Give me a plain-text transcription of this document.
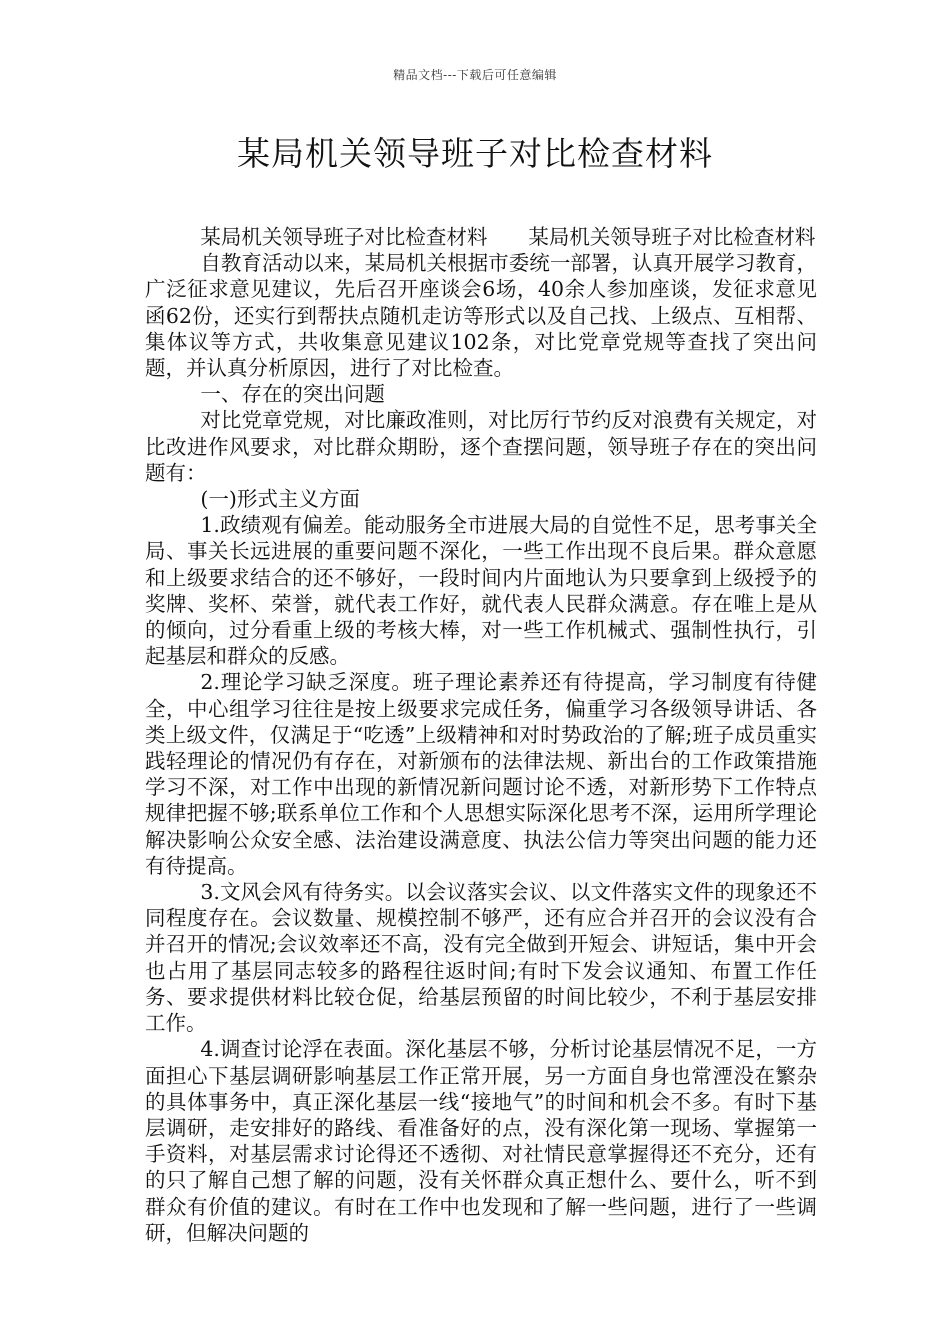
精品文档---下载后可任意编辑
某局机关领导班子对比检查材料

某局机关领导班子对比检查材料　　某局机关领导班子对比检查材料

自教育活动以来，某局机关根据市委统一部署，认真开展学习教育，广泛征求意见建议，先后召开座谈会6场，40余人参加座谈，发征求意见函62份，还实行到帮扶点随机走访等形式以及自己找、上级点、互相帮、集体议等方式，共收集意见建议102条，对比党章党规等查找了突出问题，并认真分析原因，进行了对比检查。

一、存在的突出问题

对比党章党规，对比廉政准则，对比厉行节约反对浪费有关规定，对比改进作风要求，对比群众期盼，逐个查摆问题，领导班子存在的突出问题有：

(一)形式主义方面

1.政绩观有偏差。能动服务全市进展大局的自觉性不足，思考事关全局、事关长远进展的重要问题不深化，一些工作出现不良后果。群众意愿和上级要求结合的还不够好，一段时间内片面地认为只要拿到上级授予的奖牌、奖杯、荣誉，就代表工作好，就代表人民群众满意。存在唯上是从的倾向，过分看重上级的考核大棒，对一些工作机械式、强制性执行，引起基层和群众的反感。

2.理论学习缺乏深度。班子理论素养还有待提高，学习制度有待健全，中心组学习往往是按上级要求完成任务，偏重学习各级领导讲话、各类上级文件，仅满足于“吃透”上级精神和对时势政治的了解;班子成员重实践轻理论的情况仍有存在，对新颁布的法律法规、新出台的工作政策措施学习不深，对工作中出现的新情况新问题讨论不透，对新形势下工作特点规律把握不够;联系单位工作和个人思想实际深化思考不深，运用所学理论解决影响公众安全感、法治建设满意度、执法公信力等突出问题的能力还有待提高。

3.文风会风有待务实。以会议落实会议、以文件落实文件的现象还不同程度存在。会议数量、规模控制不够严，还有应合并召开的会议没有合并召开的情况;会议效率还不高，没有完全做到开短会、讲短话，集中开会也占用了基层同志较多的路程往返时间;有时下发会议通知、布置工作任务、要求提供材料比较仓促，给基层预留的时间比较少，不利于基层安排工作。

4.调查讨论浮在表面。深化基层不够，分析讨论基层情况不足，一方面担心下基层调研影响基层工作正常开展，另一方面自身也常湮没在繁杂的具体事务中，真正深化基层一线“接地气”的时间和机会不多。有时下基层调研，走安排好的路线、看准备好的点，没有深化第一现场、掌握第一手资料，对基层需求讨论得还不透彻、对社情民意掌握得还不充分，还有的只了解自己想了解的问题，没有关怀群众真正想什么、要什么，听不到群众有价值的建议。有时在工作中也发现和了解一些问题，进行了一些调研，但解决问题的
